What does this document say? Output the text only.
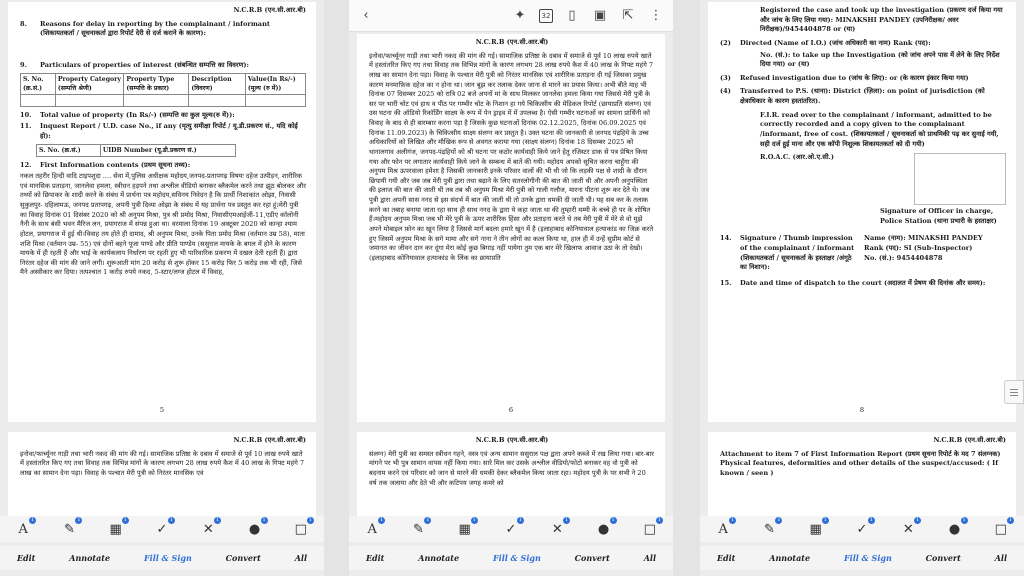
N.C.R.B (एन.सी.आर.बी)
8.	Reasons for delay in reporting by the complainant / informant (शिकायतकर्ता / सूचनाकर्ता द्वारा रिपोर्ट देरी से दर्ज कराने के कारण):
9.	Particulars of properties of interest (संबन्धित सम्पत्ति का विवरण):
S. No. (क्र.सं.)	Property Category (सम्पत्ति श्रेणी)	Property Type (सम्पत्ति के प्रकार)	Description (विवरण)	Value(In Rs/-) (मूल्य (रु में))

10.	Total value of property (In Rs/-) (सम्पत्ति का कुल मूल्य(रु में)):
11.	Inquest Report / U.D. case No., if any (मृत्यु समीक्षा रिपोर्ट / यू.डी.प्रकरण सं., यदि कोई हो):
S. No. (क्र.सं.)	UIDB Number (यू.डी.प्रकरण सं.)
12.	First Information contents (प्रथम सूचना तथ्य):
नकल तहरीर हिन्दी वादि टाइपशुदा .... सेवा में,पुलिस अधीक्षक महोदय,जनपद-प्रतापगढ़ विषयः दहेज उत्पीड़न, शारीरिक एवं मानसिक प्रताड़ना, जानलेवा हमला, स्त्रीधन हड़पने तथा अश्लील वीडियो बनाकर ब्लैकमेल करने तथा झूठ बोलकर और तथ्यों को छिपाकर के शादी करने के संबंध में प्रार्थना पत्र महोदय,सविनय निवेदन है कि प्रार्थी निशाकांत ओझा, निवासी सुकुलपुर- दहिलामऊ, जनपद प्रतापगढ़, अपनी पुत्री दिव्या ओझा के संबंध में यह प्रार्थना पत्र प्रस्तुत कर रहा हूं।मेरी पुत्री का विवाह दिनांक 01 दिसंबर 2020 को श्री अनुपम मिश्रा, पुत्र श्री प्रमोद मिश्रा, निवासीएमआईजी-11,एडीए कॉलोनी नैनी के साथ बंसी भवन मैरिज लन, प्रयागराज में संपन्न हुआ था। वरमाला दिनांक 19 अक्टूबर 2020 को कान्हा श्याम होटल, प्रयागराज में हुई थी।विवाह तय होते ही दामाद, श्री अनुपम मिश्रा, उनके पिता प्रमोद मिश्रा (वर्तमान उम्र 58), माता शशि मिश्रा (वर्तमान उम्र- 55) एवं दोनों बहने पूजा पाण्डे और प्रीति पाण्डेय (ससुराल मायके के बगल में होने के कारण मायके में ही रहती हैं और भाई के कार्यकलाप निर्धारण पर रहती हुए भी पारिवारिक प्रकरण में दखल देती रहती हैं) द्वारा निरंतर दहेज की मांग की जाने लगी। शुरूआती मांग 20 करोड़ से शुरू होकर 15 करोड़ फिर 5 करोड़ तक भी रही, जिसे मैने अस्वीकार कर दिया। तत्पश्चात 1 करोड़ रुपये नकद, 5-स्टार/लग्ज होटल में विवाह,
5
N.C.R.B (एन.सी.आर.बी)
इनोवा/फार्च्यूनर गाड़ी तथा भारी नकद की मांग की गई। सामाजिक प्रतिष्ठा के दबाव में समाजे से पूर्व 10 लाख रुपये खाते में हस्तांतरित किए गए तथा विवाह तक विभिन्न मांगों के कारण लगभग 28 लाख रुपये कैश में 40 लाख के गिफ्ट महंगे 7 लाख का सामान देना पड़ा। विवाह के पश्चात मेरी पुत्री को निरंतर मानसिक एवं
A
1
✎
1
▦
1
✓
1
✕
1
●
1
□
1
Edit	Annotate	Fill & Sign	Convert	All
‹	✦	32	▯	▣ ⇱ ⋮
N.C.R.B (एन.सी.आर.बी)
इनोवा/फार्च्यूनर गाड़ी तथा भारी नकद की मांग की गई। सामाजिक प्रतिष्ठा के दबाव में समाजे से पूर्व 10 लाख रुपये खाते में हस्तांतरित किए गए तथा विवाह तक विभिन्न मांगों के कारण लगभग 28 लाख रुपये कैश में 40 लाख के गिफ्ट महंगे 7 लाख का सामान देना पड़ा। विवाह के पश्चात मेरी पुत्री को निरंतर मानसिक एवं शारीरिक प्रताड़ना दी गई जिसका प्रमुख कारण मनमाफ़िक दहेज का न होना था। जान बूझ कर तलाक देकर जाना से मारने का प्रयास किया। अभी बीते माह भी दिनांक 07 दिसम्बर 2025 को रात्रि 02 बजे अपनों मां के साथ मिलकर जानलेवा हमला किया गया जिससे मेरी पुत्री के सर पर भारी चोट एवं हाथ व पीठ पर गम्भीर चोट के निशान हा गये चिकित्सीय की मेडिकल रिपोर्ट (छायाप्रति संलग्न) एवं उस घटना की ऑडियो रिकॉर्डिंग साक्ष्य के रूप में पेन ड्राइव में में उपलब्ध है। ऐसी गम्भीर घटनाओं का सामना प्रार्थिनी को विवाह के बाद से ही बारम्बार करना पड़ा है जिसके कुछ घटनाओं दिनांक 02.12.2025, दिनांक 06.09.2025 एवं दिनांक 11.09.2023) के चिकित्सीय साक्ष्य संलग्न कर प्रस्तुत है। उक्त घटना की जानकारी से जनपद पंद्रहिये के उच्च अधिकारियों को लिखित और मौखिक रूप से अवगत कराया गया (साक्ष्य संलग्न) दिनांक 18 दिसम्बर 2025 को थानालगाव अलीगंज, जनपद-पंद्रहियों को श्री घटना पर कठोर कार्यवाही किये जाने हेतु रजिस्टर डाक से पत्र प्रेषित किया गया और फोन पर लगातार कार्यवाही किये जाने के सम्बन्ध में बातें की गयी। महोदय अपको सूचित करना चाहूँगा की अनुपम मिश्र ऊपरवाला हमेशा है जिसकी जानकारी इनके परिवार वालों की भी थी जो कि लड़की पक्ष से शादी के दौरान छिपायी गयी और जब जब मेरी पुत्री द्वारा तथा बढ़ाने के लिए सतरलोगीनी की बात की जाती थी और अपनी अनुपस्थिता की इलाज की बात की जाती थी तब तब श्री अनुपम मिश्रा मेरी पुत्री को गाली गलौज, मारना पीटना शुरू कर देते थे। जब पुत्री द्वारा अपनी सास ननद से इस संदर्भ में बात की जाती थी तो उनके द्वारा धमकी दी जाती थी। यह सब कर के तलाक करने का तबाह बनाया जाता रहा साथ ही साथ ननद के द्वारा ये कहा जाता था की तुम्हारी मम्मी के बच्चे ही पर के शोषित हैं।महोदय अनुपम मिश्रा जब भी मेरे पुत्री के ऊपर शारीरिक हिंसा और प्रताड़ना करते थे तब मेरी पुत्री में मेरे से वो मुझे अपने मोबाइल फ़ोन का खून लिया है जिससे मार्ग बदला हमारे खून में है (इलाहाबाद कोनियावाल हत्याकांड का जिक्र करते हुए जिसमें अनुपम मिश्रा के सगे मामा और सगे नाना ने तीन लोगों का कत्ल किया था, हाल ही में उन्हें सुप्रीम कोर्ट से जमानत का जीवन दान कर दूंगा मेरा कोई कुछ बिगाड़ नहीं पायेगा तुम एक बार मेरे खिलाफ आवाज उठा के तो देखो। (इलाहाबाद कोनियावाल हत्याकांड के लिंक का छायाप्रति
6
N.C.R.B (एन.सी.आर.बी)
संलग्न) मेरी पुत्री का समस्त स्त्रीधन गहने, वस्त्र एवं अन्य सामान ससुराल पक्ष द्वारा अपने कब्जे में रख लिया गया। बार-बार मांगने पर भी पुत्र सामान वापस नहीं किया गया। सारे मिल कर उसके अश्लील वीडियो/फोटो बनाकर वह वो पुत्री को बदनाम करने एवं परिवार को जान से मारने की धमकी देकर ब्लैकमेल किया जाता रहा। महोदय पुत्री के पर सभी ने 20 वर्ष तक जलाया और देते भी और कटिपय जगह कमरे को
A
1
✎
1
▦
1
✓
1
✕
1
●
1
□
1
Edit	Annotate	Fill & Sign	Convert	All
Registered the case and took up the investigation (प्रकरण दर्ज किया गया और जांच के लिए लिया गया): MINAKSHI PANDEY (उपनिरीक्षक/ अवर निरीक्षक)/9454404878 or (या)
(2)	Directed (Name of I.O.) (जांच अधिकारी का नाम) Rank (पद):
No. (सं.): to take up the Investigation (को जांच अपने पास में लेने के लिए निर्देश दिया गया) or (या)
(3)	Refused investigation due to (जांच के लिए): or (के कारण इंकार किया गया)
(4)	Transferred to P.S. (थाना): District (ज़िला): on point of jurisdiction (को क्षेत्राधिकार के कारण हस्तांतरित).
F.I.R. read over to the complainant / informant, admitted to be correctly recorded and a copy given to the complainant /informant, free of cost. (शिकायतकर्ता / सूचनाकर्ता को प्राथमिकी पढ़ कर सुनाई गयी, सही दर्ज हुई माना और एक कॉपी निशुल्क शिकायतकर्ता को दी गयी)
R.O.A.C. (आर.ओ.ए.सी.)
Signature of Officer in charge, Police Station (थाना प्रभारी के हस्ताक्षर)
14.	Signature / Thumb impression of the complainant / informant (शिकायतकर्ता / सूचनाकर्ता के हस्ताक्षर /अंगूठे का निशान):
Name (नाम): MINAKSHI PANDEY
Rank (पद): SI (Sub-Inspector)
No. (सं.): 9454404878
15.	Date and time of dispatch to the court (अदालत में प्रेषण की दिनांक और समय):
8
N.C.R.B (एन.सी.आर.बी)
Attachment to item 7 of First Information Report (प्रथम सूचना रिपोर्ट के मद 7 संलग्नक) Physical features, deformities and other details of the suspect/accused: ( If known / seen )
A
1
✎
1
▦
1
✓
1
✕
1
●
1
□
1
Edit	Annotate	Fill & Sign	Convert	All
